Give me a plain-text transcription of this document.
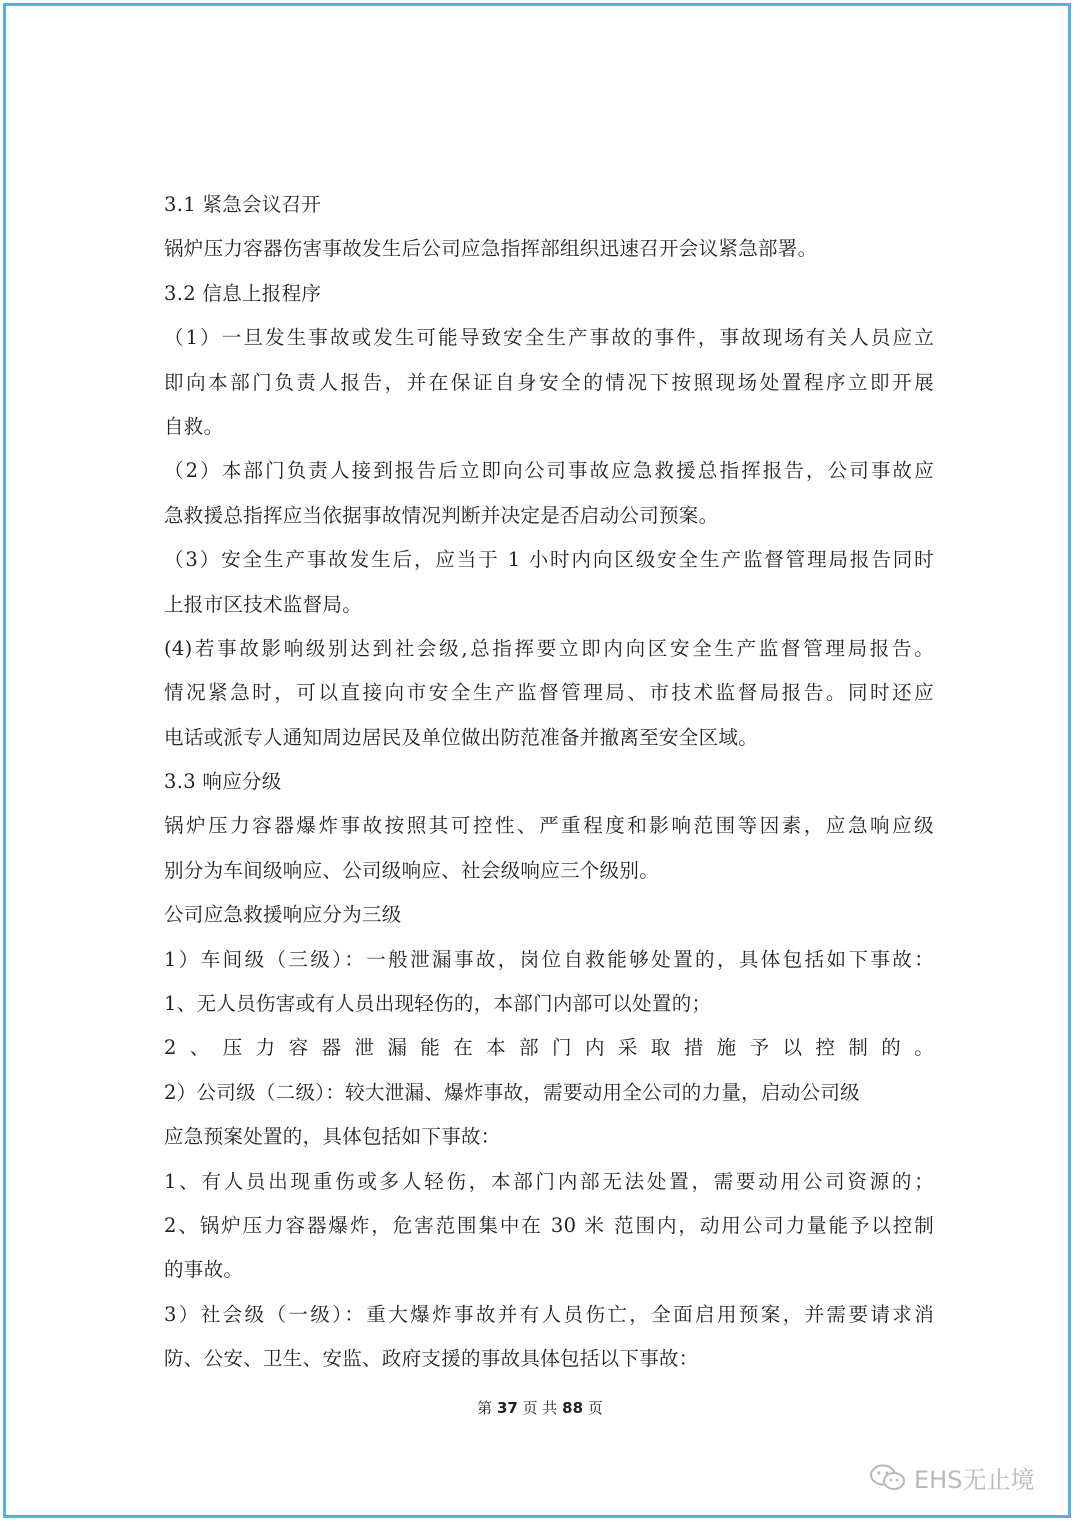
3.1 紧急会议召开
锅炉压力容器伤害事故发生后公司应急指挥部组织迅速召开会议紧急部署。
3.2 信息上报程序
（1）一旦发生事故或发生可能导致安全生产事故的事件，事故现场有关人员应立
即向本部门负责人报告，并在保证自身安全的情况下按照现场处置程序立即开展
自救。
（2）本部门负责人接到报告后立即向公司事故应急救援总指挥报告，公司事故应
急救援总指挥应当依据事故情况判断并决定是否启动公司预案。
（3）安全生产事故发生后，应当于 1 小时内向区级安全生产监督管理局报告同时
上报市区技术监督局。
(4)若事故影响级别达到社会级,总指挥要立即内向区安全生产监督管理局报告。
情况紧急时，可以直接向市安全生产监督管理局、市技术监督局报告。同时还应
电话或派专人通知周边居民及单位做出防范准备并撤离至安全区域。
3.3 响应分级
锅炉压力容器爆炸事故按照其可控性、严重程度和影响范围等因素，应急响应级
别分为车间级响应、公司级响应、社会级响应三个级别。
公司应急救援响应分为三级
1）车间级（三级）：一般泄漏事故，岗位自救能够处置的，具体包括如下事故：
1、无人员伤害或有人员出现轻伤的，本部门内部可以处置的；
2、压力容器泄漏能在本部门内采取措施予以控制的。
2）公司级（二级）：较大泄漏、爆炸事故，需要动用全公司的力量，启动公司级
应急预案处置的，具体包括如下事故：
1、有人员出现重伤或多人轻伤，本部门内部无法处置，需要动用公司资源的；
2、锅炉压力容器爆炸，危害范围集中在 30 米 范围内，动用公司力量能予以控制
的事故。
3）社会级（一级）：重大爆炸事故并有人员伤亡，全面启用预案，并需要请求消
防、公安、卫生、安监、政府支援的事故具体包括以下事故：
第 37 页 共 88 页
EHS无止境
